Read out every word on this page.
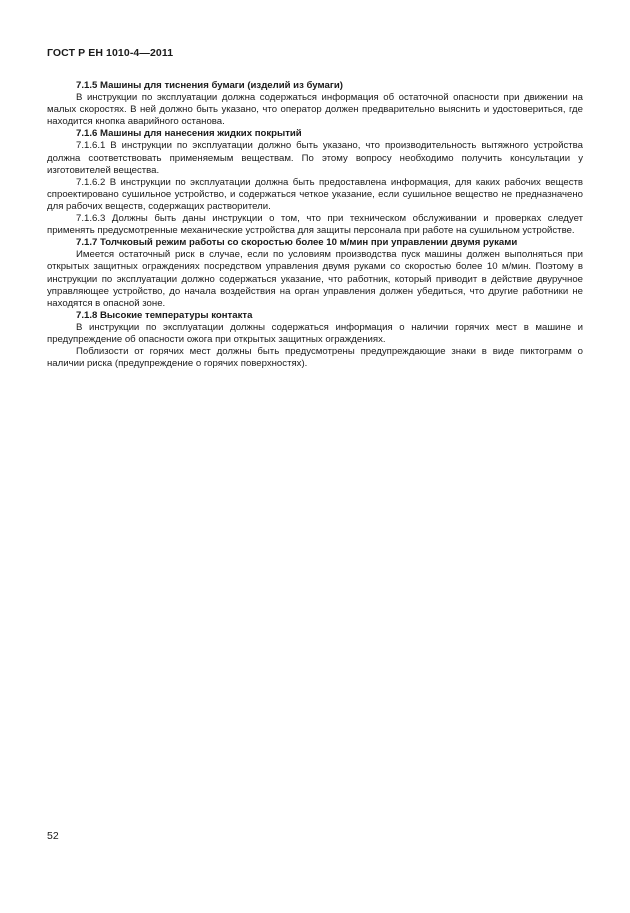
ГОСТ Р ЕН 1010-4—2011

7.1.5 Машины для тиснения бумаги (изделий из бумаги)

В инструкции по эксплуатации должна содержаться информация об остаточной опасности при движении на малых скоростях. В ней должно быть указано, что оператор должен предварительно выяснить и удостовериться, где находится кнопка аварийного останова.

7.1.6 Машины для нанесения жидких покрытий

7.1.6.1 В инструкции по эксплуатации должно быть указано, что производительность вытяжного устройства должна соответствовать применяемым веществам. По этому вопросу необходимо получить консультации у изготовителей вещества.

7.1.6.2 В инструкции по эксплуатации должна быть предоставлена информация, для каких рабочих веществ спроектировано сушильное устройство, и содержаться четкое указание, если сушильное вещество не предназначено для рабочих веществ, содержащих растворители.

7.1.6.3 Должны быть даны инструкции о том, что при техническом обслуживании и проверках следует применять предусмотренные механические устройства для защиты персонала при работе на сушильном устройстве.

7.1.7 Толчковый режим работы со скоростью более 10 м/мин при управлении двумя руками

Имеется остаточный риск в случае, если по условиям производства пуск машины должен выполняться при открытых защитных ограждениях посредством управления двумя руками со скоростью более 10 м/мин. Поэтому в инструкции по эксплуатации должно содержаться указание, что работник, который приводит в действие двуручное управляющее устройство, до начала воздействия на орган управления должен убедиться, что другие работники не находятся в опасной зоне.

7.1.8 Высокие температуры контакта

В инструкции по эксплуатации должны содержаться информация о наличии горячих мест в машине и предупреждение об опасности ожога при открытых защитных ограждениях.

Поблизости от горячих мест должны быть предусмотрены предупреждающие знаки в виде пиктограмм о наличии риска (предупреждение о горячих поверхностях).

52
